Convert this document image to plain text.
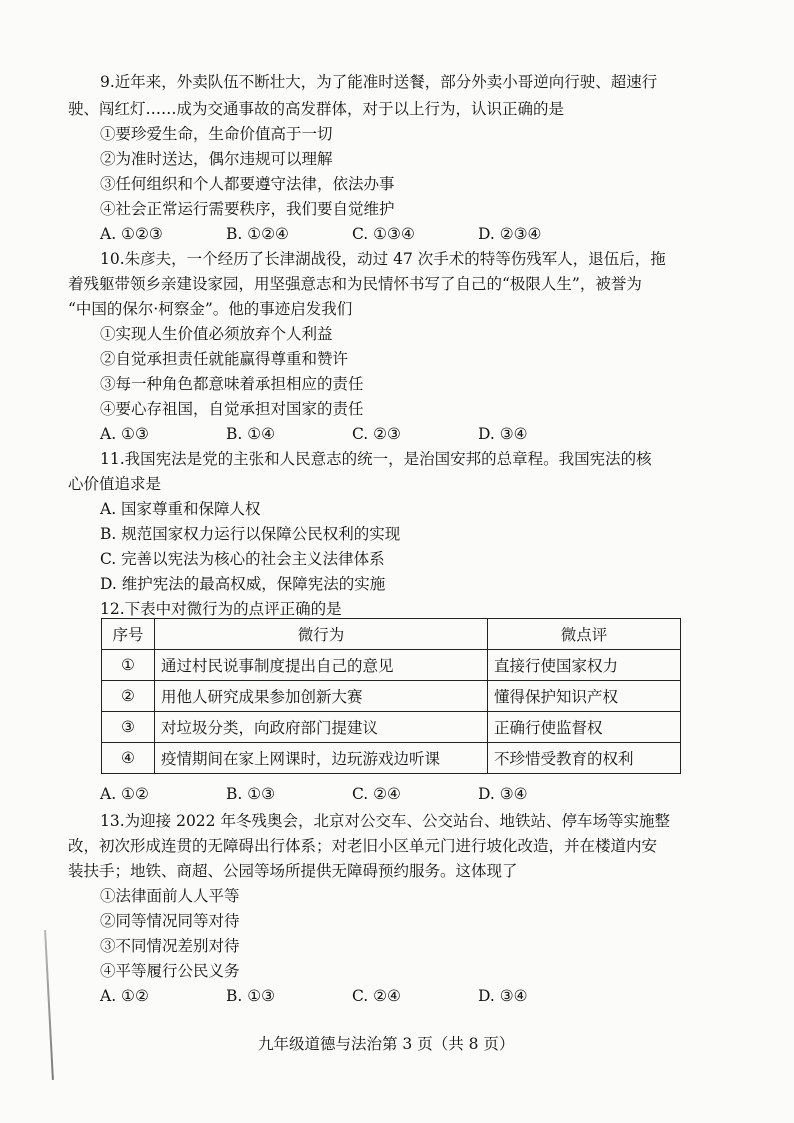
9.近年来，外卖队伍不断壮大，为了能准时送餐，部分外卖小哥逆向行驶、超速行
驶、闯红灯……成为交通事故的高发群体，对于以上行为，认识正确的是
①要珍爱生命，生命价值高于一切
②为准时送达，偶尔违规可以理解
③任何组织和个人都要遵守法律，依法办事
④社会正常运行需要秩序，我们要自觉维护
A. ①②③	B. ①②④	C. ①③④	D. ②③④
10.朱彦夫，一个经历了长津湖战役，动过 47 次手术的特等伤残军人，退伍后，拖
着残躯带领乡亲建设家园，用坚强意志和为民情怀书写了自己的“极限人生”，被誉为
“中国的保尔·柯察金”。他的事迹启发我们
①实现人生价值必须放弃个人利益
②自觉承担责任就能赢得尊重和赞许
③每一种角色都意味着承担相应的责任
④要心存祖国，自觉承担对国家的责任
A. ①③	B. ①④	C. ②③	D. ③④
11.我国宪法是党的主张和人民意志的统一，是治国安邦的总章程。我国宪法的核
心价值追求是
A. 国家尊重和保障人权
B. 规范国家权力运行以保障公民权利的实现
C. 完善以宪法为核心的社会主义法律体系
D. 维护宪法的最高权威，保障宪法的实施
12.下表中对微行为的点评正确的是
序号	微行为	微点评
①	通过村民说事制度提出自己的意见	直接行使国家权力
②	用他人研究成果参加创新大赛	懂得保护知识产权
③	对垃圾分类，向政府部门提建议	正确行使监督权
④	疫情期间在家上网课时，边玩游戏边听课	不珍惜受教育的权利
A. ①②	B. ①③	C. ②④	D. ③④
13.为迎接 2022 年冬残奥会，北京对公交车、公交站台、地铁站、停车场等实施整
改，初次形成连贯的无障碍出行体系；对老旧小区单元门进行坡化改造，并在楼道内安
装扶手；地铁、商超、公园等场所提供无障碍预约服务。这体现了
①法律面前人人平等
②同等情况同等对待
③不同情况差别对待
④平等履行公民义务
A. ①②	B. ①③	C. ②④	D. ③④
九年级道德与法治第 3 页（共 8 页）
